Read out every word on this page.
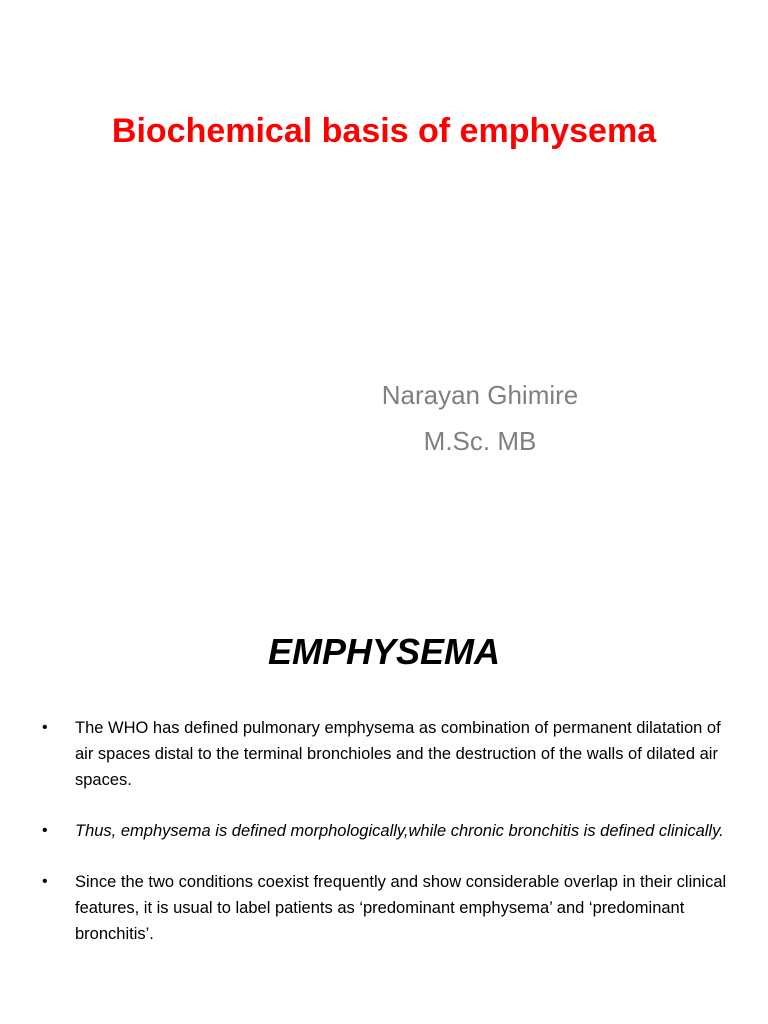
Biochemical basis of emphysema
Narayan Ghimire
M.Sc. MB
EMPHYSEMA
• The WHO has defined pulmonary emphysema as combination of permanent dilatation of air spaces distal to the terminal bronchioles and the destruction of the walls of dilated air spaces.
• Thus, emphysema is defined morphologically,while chronic bronchitis is defined clinically.
• Since the two conditions coexist frequently and show considerable overlap in their clinical features, it is usual to label patients as ‘predominant emphysema’ and ‘predominant bronchitis’.
